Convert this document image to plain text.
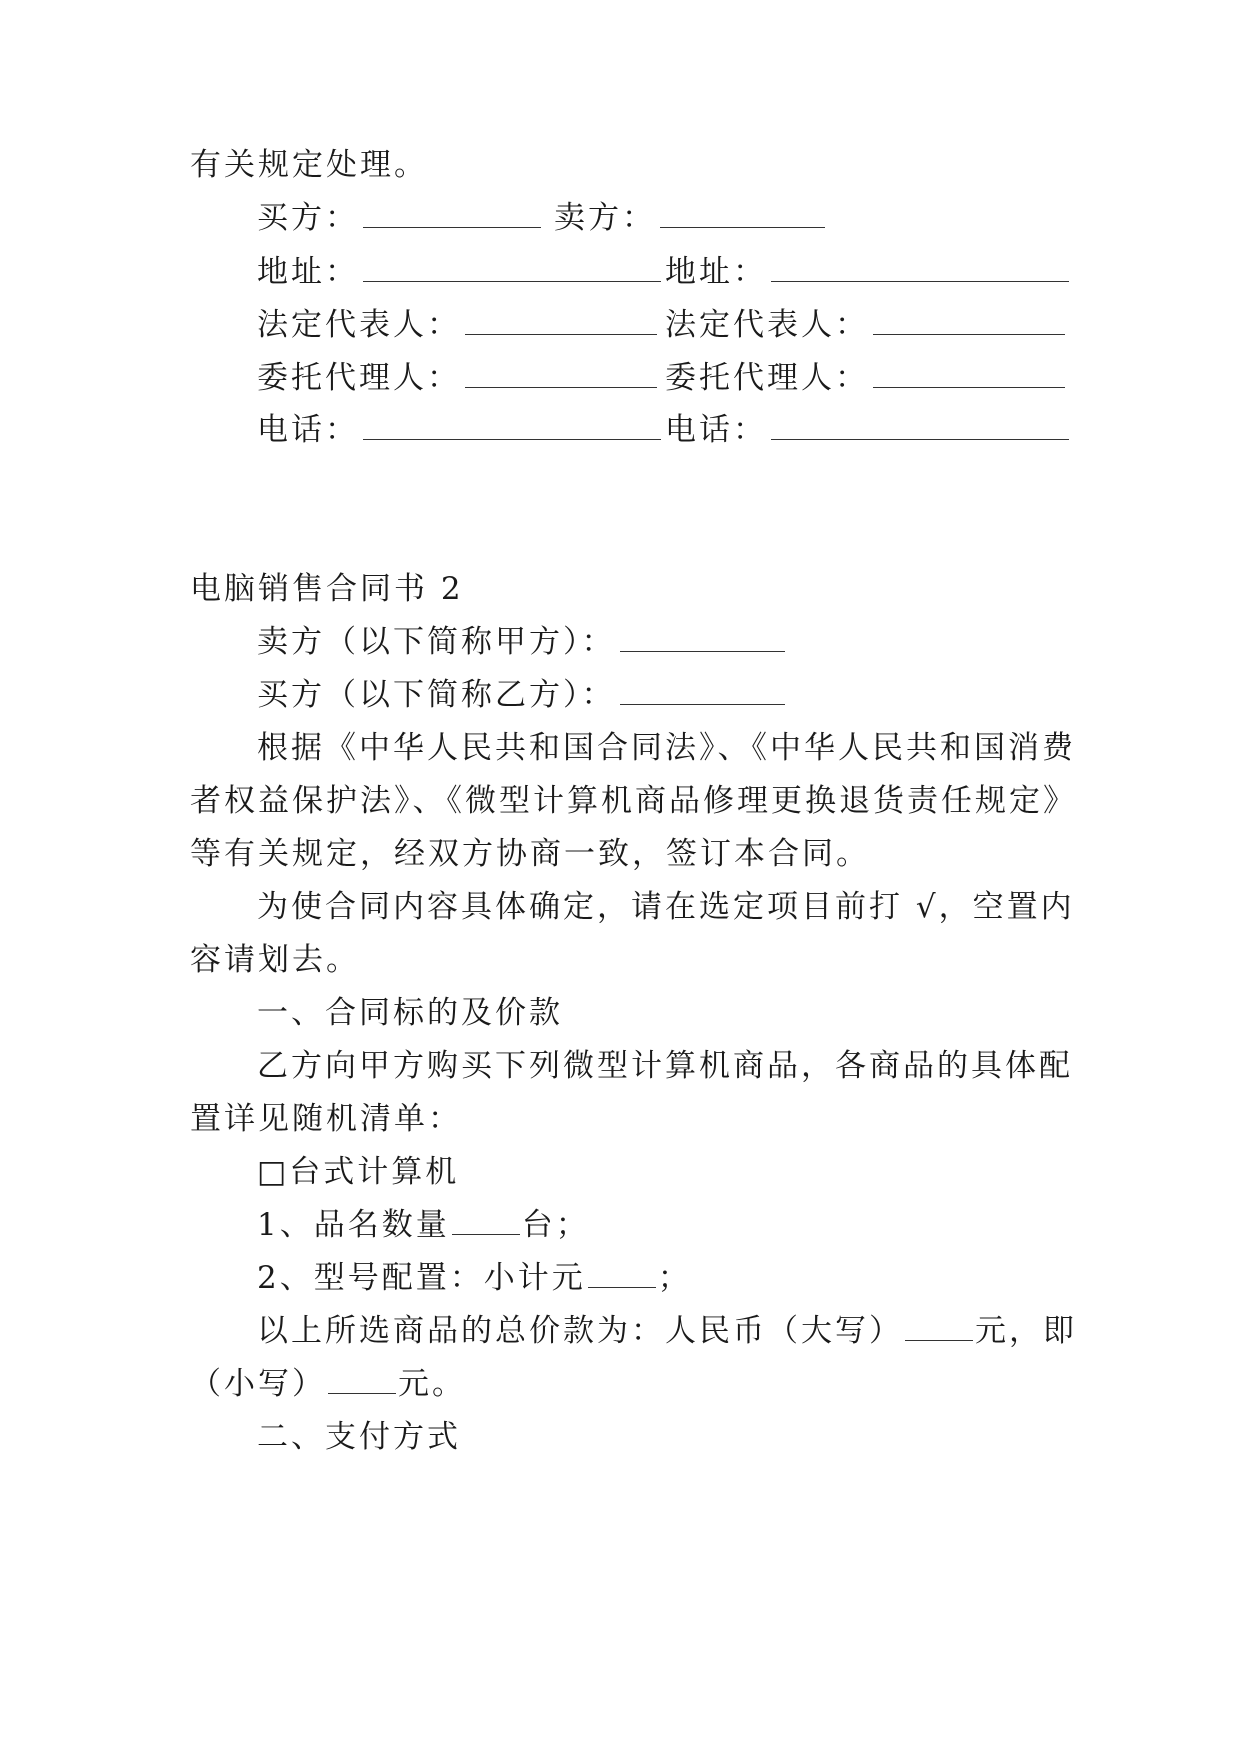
有关规定处理。
买方：	卖方：
地址：	地址：
法定代表人：	法定代表人：
委托代理人：	委托代理人：
电话：	电话：
电脑销售合同书 2
卖方（以下简称甲方）：
买方（以下简称乙方）：
根据《中华人民共和国合同法》、《中华人民共和国消费
者权益保护法》、《微型计算机商品修理更换退货责任规定》
等有关规定，经双方协商一致，签订本合同。
为使合同内容具体确定，请在选定项目前打 √，空置内
容请划去。
一、合同标的及价款
乙方向甲方购买下列微型计算机商品，各商品的具体配
置详见随机清单：
□台式计算机
1、品名数量 台；
2、型号配置：小计元 ；
以上所选商品的总价款为：人民币（大写） 元，即
（小写） 元。
二、支付方式
